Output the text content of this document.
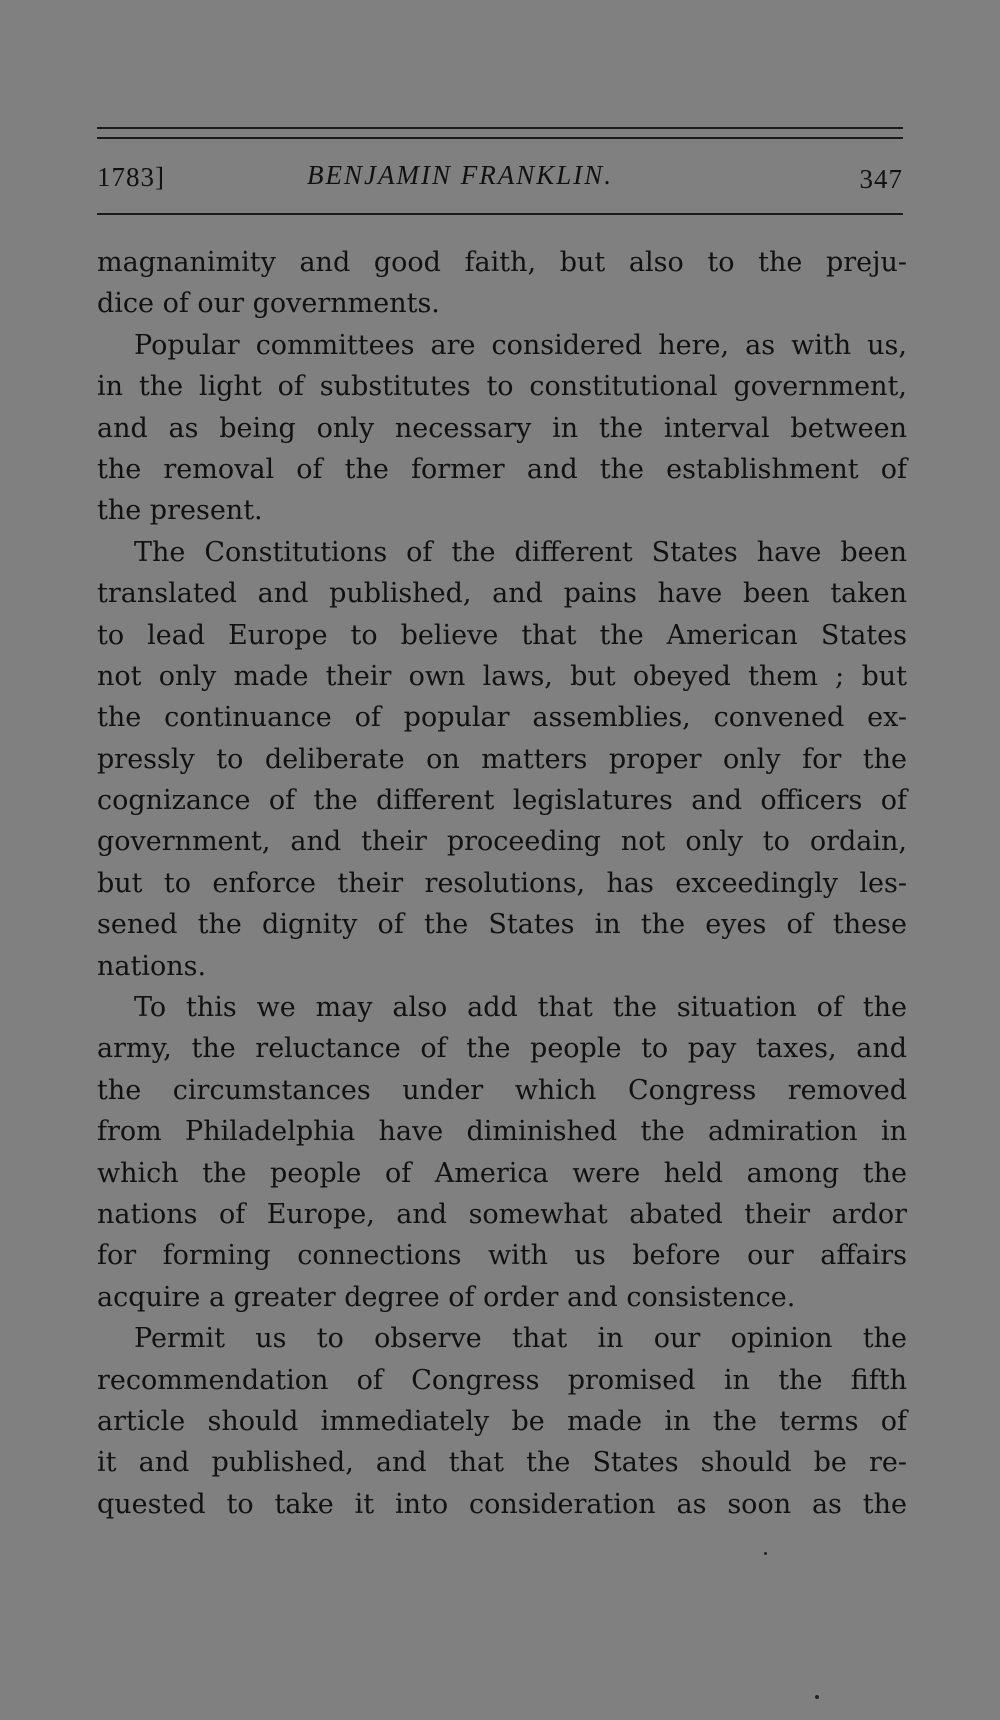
1783]	BENJAMIN FRANKLIN.	347
magnanimity and good faith, but also to the preju-
dice of our governments.
Popular committees are considered here, as with us,
in the light of substitutes to constitutional government,
and as being only necessary in the interval between
the removal of the former and the establishment of
the present.
The Constitutions of the different States have been
translated and published, and pains have been taken
to lead Europe to believe that the American States
not only made their own laws, but obeyed them ; but
the continuance of popular assemblies, convened ex-
pressly to deliberate on matters proper only for the
cognizance of the different legislatures and officers of
government, and their proceeding not only to ordain,
but to enforce their resolutions, has exceedingly les-
sened the dignity of the States in the eyes of these
nations.
To this we may also add that the situation of the
army, the reluctance of the people to pay taxes, and
the circumstances under which Congress removed
from Philadelphia have diminished the admiration in
which the people of America were held among the
nations of Europe, and somewhat abated their ardor
for forming connections with us before our affairs
acquire a greater degree of order and consistence.
Permit us to observe that in our opinion the
recommendation of Congress promised in the fifth
article should immediately be made in the terms of
it and published, and that the States should be re-
quested to take it into consideration as soon as the
